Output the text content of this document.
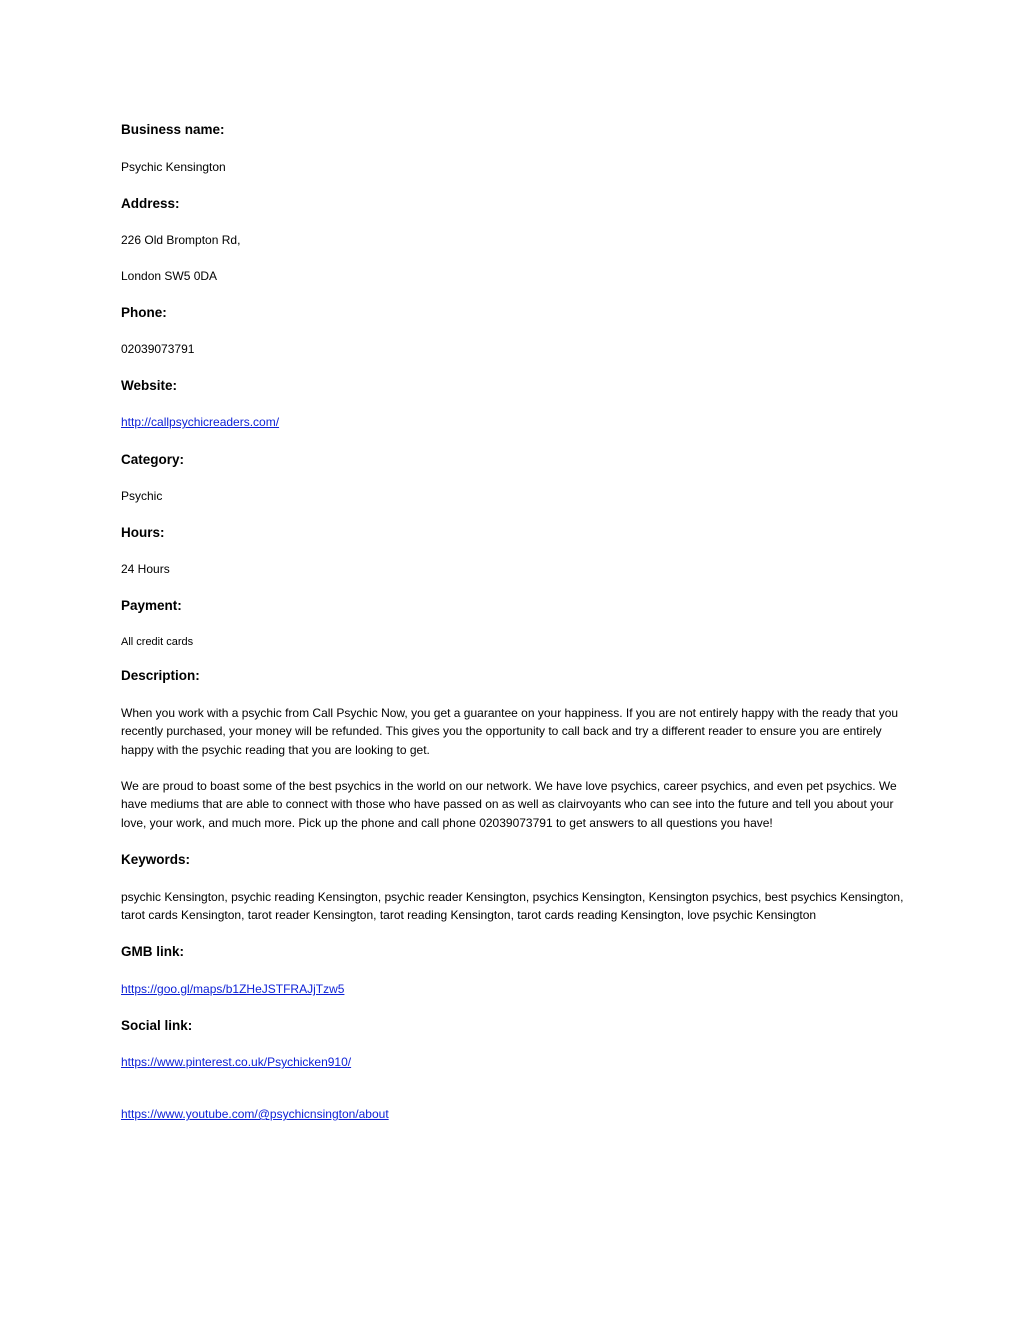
Business name:
Psychic Kensington
Address:
226 Old Brompton Rd,
London SW5 0DA
Phone:
02039073791
Website:
http://callpsychicreaders.com/
Category:
Psychic
Hours:
24 Hours
Payment:
All credit cards
Description:
When you work with a psychic from Call Psychic Now, you get a guarantee on your happiness. If you are not entirely happy with the ready that you recently purchased, your money will be refunded. This gives you the opportunity to call back and try a different reader to ensure you are entirely happy with the psychic reading that you are looking to get.
We are proud to boast some of the best psychics in the world on our network. We have love psychics, career psychics, and even pet psychics. We have mediums that are able to connect with those who have passed on as well as clairvoyants who can see into the future and tell you about your love, your work, and much more. Pick up the phone and call phone 02039073791 to get answers to all questions you have!
Keywords:
psychic Kensington, psychic reading Kensington, psychic reader Kensington, psychics Kensington, Kensington psychics, best psychics Kensington, tarot cards Kensington, tarot reader Kensington, tarot reading Kensington, tarot cards reading Kensington, love psychic Kensington
GMB link:
https://goo.gl/maps/b1ZHeJSTFRAJjTzw5
Social link:
https://www.pinterest.co.uk/Psychicken910/
https://www.youtube.com/@psychicnsington/about
